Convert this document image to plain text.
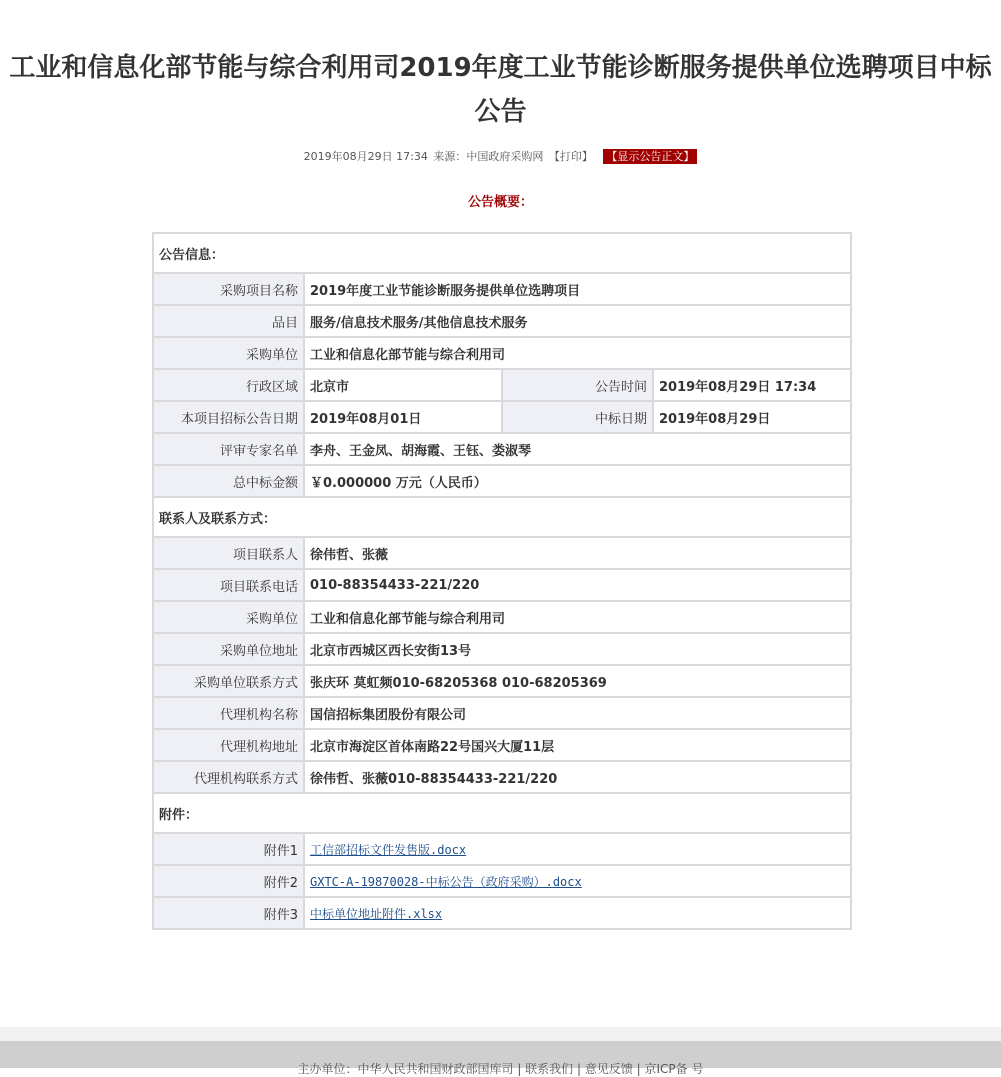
工业和信息化部节能与综合利用司2019年度工业节能诊断服务提供单位选聘项目中标公告
2019年08月29日 17:34 来源：中国政府采购网 【打印】 【显示公告正文】
公告概要：
公告信息：			
采购项目名称	2019年度工业节能诊断服务提供单位选聘项目		
品目	服务/信息技术服务/其他信息技术服务		
采购单位	工业和信息化部节能与综合利用司		
行政区域	北京市	公告时间	2019年08月29日 17:34
本项目招标公告日期	2019年08月01日	中标日期	2019年08月29日
评审专家名单	李舟、王金凤、胡海霞、王钰、娄淑琴		
总中标金额	￥0.000000 万元（人民币）		
联系人及联系方式：			
项目联系人	徐伟哲、张薇		
项目联系电话	010-88354433-221/220		
采购单位	工业和信息化部节能与综合利用司		
采购单位地址	北京市西城区西长安街13号		
采购单位联系方式	张庆环 莫虹频010-68205368 010-68205369		
代理机构名称	国信招标集团股份有限公司		
代理机构地址	北京市海淀区首体南路22号国兴大厦11层		
代理机构联系方式	徐伟哲、张薇010-88354433-221/220		
附件：			
附件1	工信部招标文件发售版.docx		
附件2	GXTC-A-19870028-中标公告（政府采购）.docx		
附件3	中标单位地址附件.xlsx		
主办单位：中华人民共和国财政部国库司 | 联系我们 | 意见反馈 | 京ICP备 号
